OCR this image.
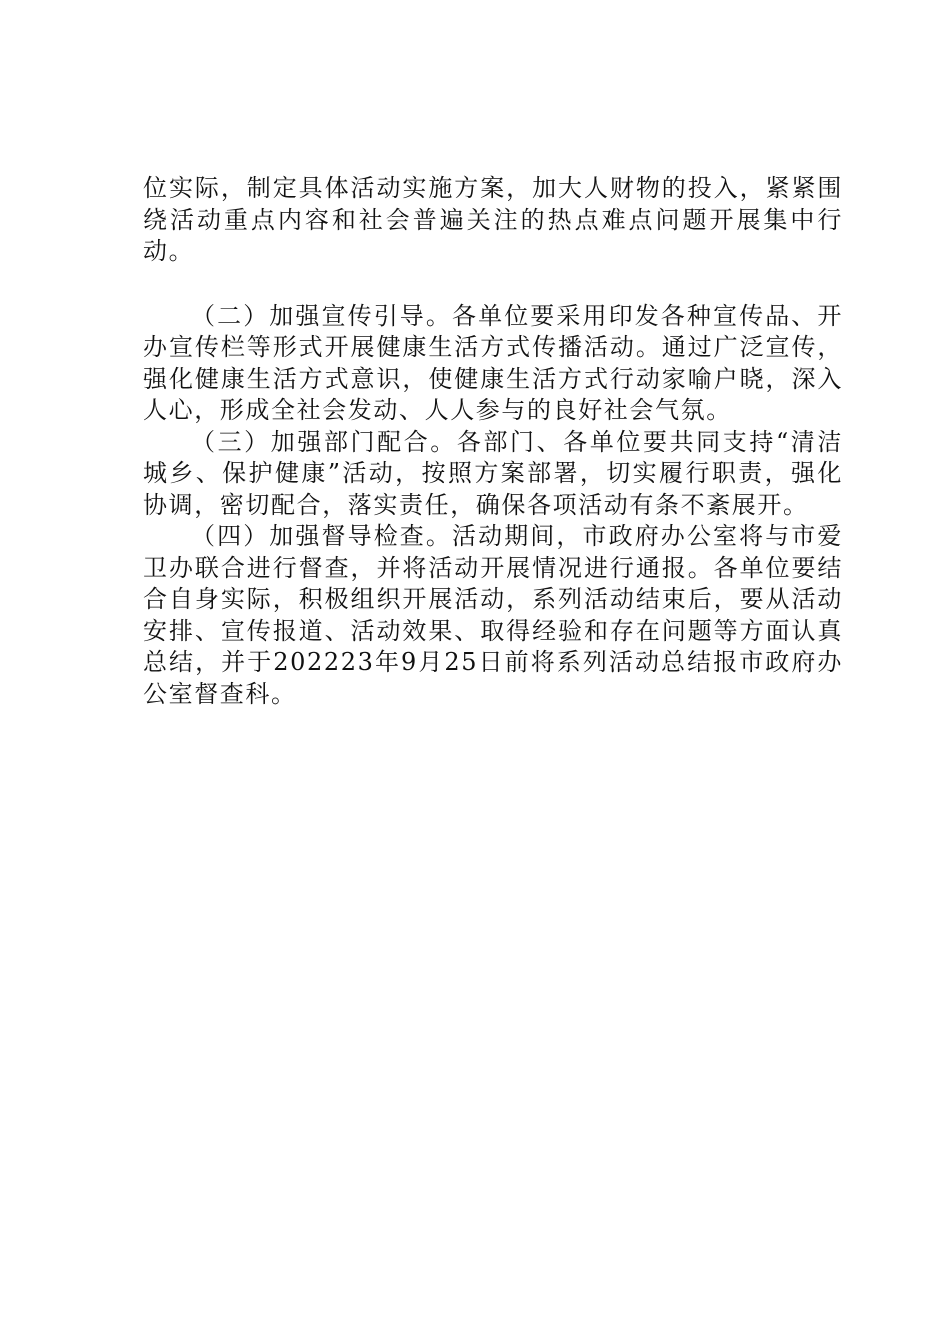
位实际，制定具体活动实施方案，加大人财物的投入，紧紧围绕活动重点内容和社会普遍关注的热点难点问题开展集中行动。

（二）加强宣传引导。各单位要采用印发各种宣传品、开办宣传栏等形式开展健康生活方式传播活动。通过广泛宣传，强化健康生活方式意识，使健康生活方式行动家喻户晓，深入人心，形成全社会发动、人人参与的良好社会气氛。

（三）加强部门配合。各部门、各单位要共同支持“清洁城乡、保护健康”活动，按照方案部署，切实履行职责，强化协调，密切配合，落实责任，确保各项活动有条不紊展开。

（四）加强督导检查。活动期间，市政府办公室将与市爱卫办联合进行督查，并将活动开展情况进行通报。各单位要结合自身实际，积极组织开展活动，系列活动结束后，要从活动安排、宣传报道、活动效果、取得经验和存在问题等方面认真总结，并于202223年9月25日前将系列活动总结报市政府办公室督查科。
